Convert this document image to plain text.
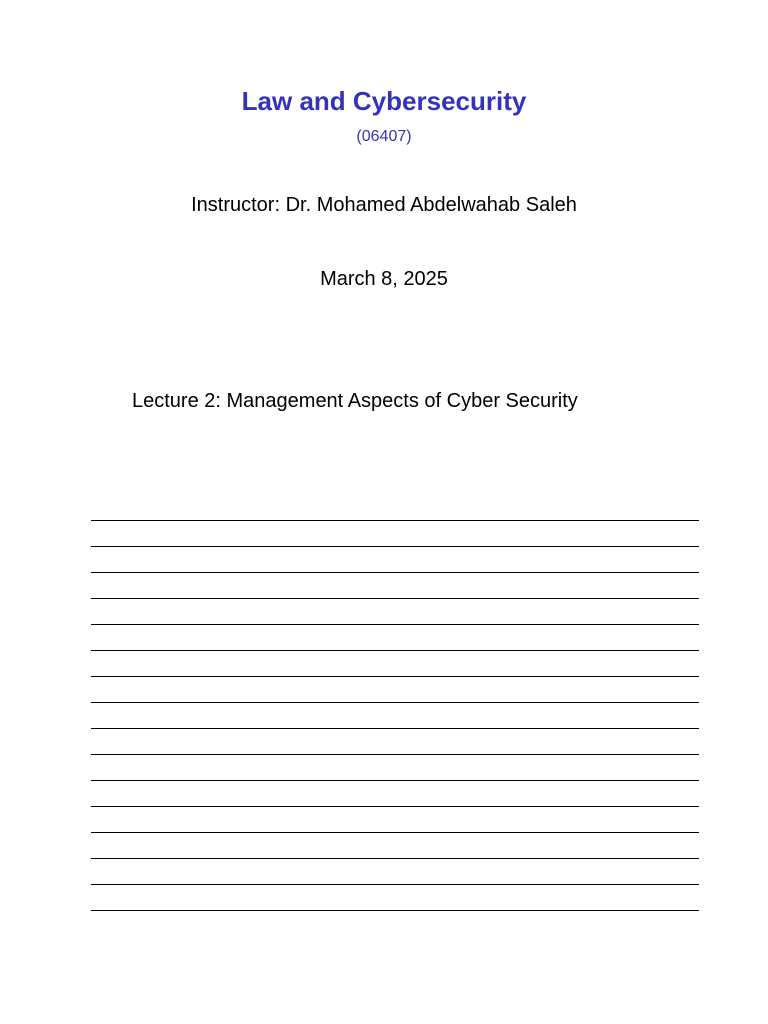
Law and Cybersecurity
(06407)
Instructor: Dr. Mohamed Abdelwahab Saleh
March 8, 2025
Lecture 2: Management Aspects of Cyber Security
